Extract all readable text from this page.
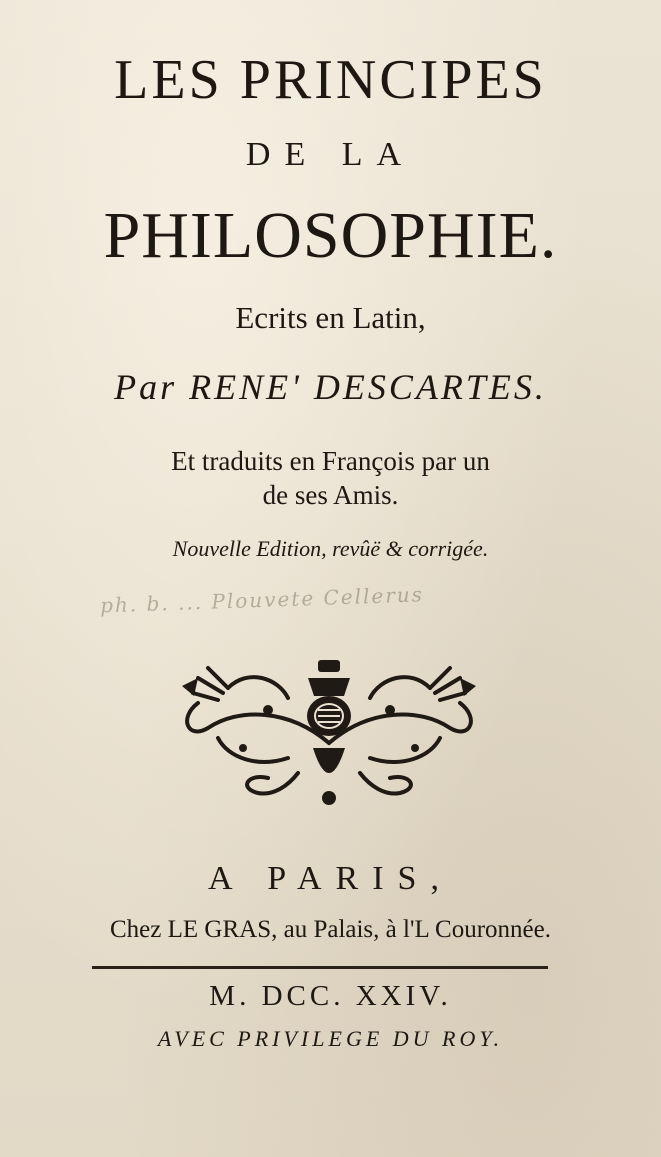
LES PRINCIPES
DE LA
PHILOSOPHIE.
Ecrits en Latin,
Par RENE' DESCARTES.
Et traduits en François par un
de ses Amis.
Nouvelle Edition, revûë & corrigée.
ph. b. ... Plouvete Cellerus
A PARIS,
Chez LE GRAS, au Palais, à l'L Couronnée.
M. DCC. XXIV.
AVEC PRIVILEGE DU ROY.
